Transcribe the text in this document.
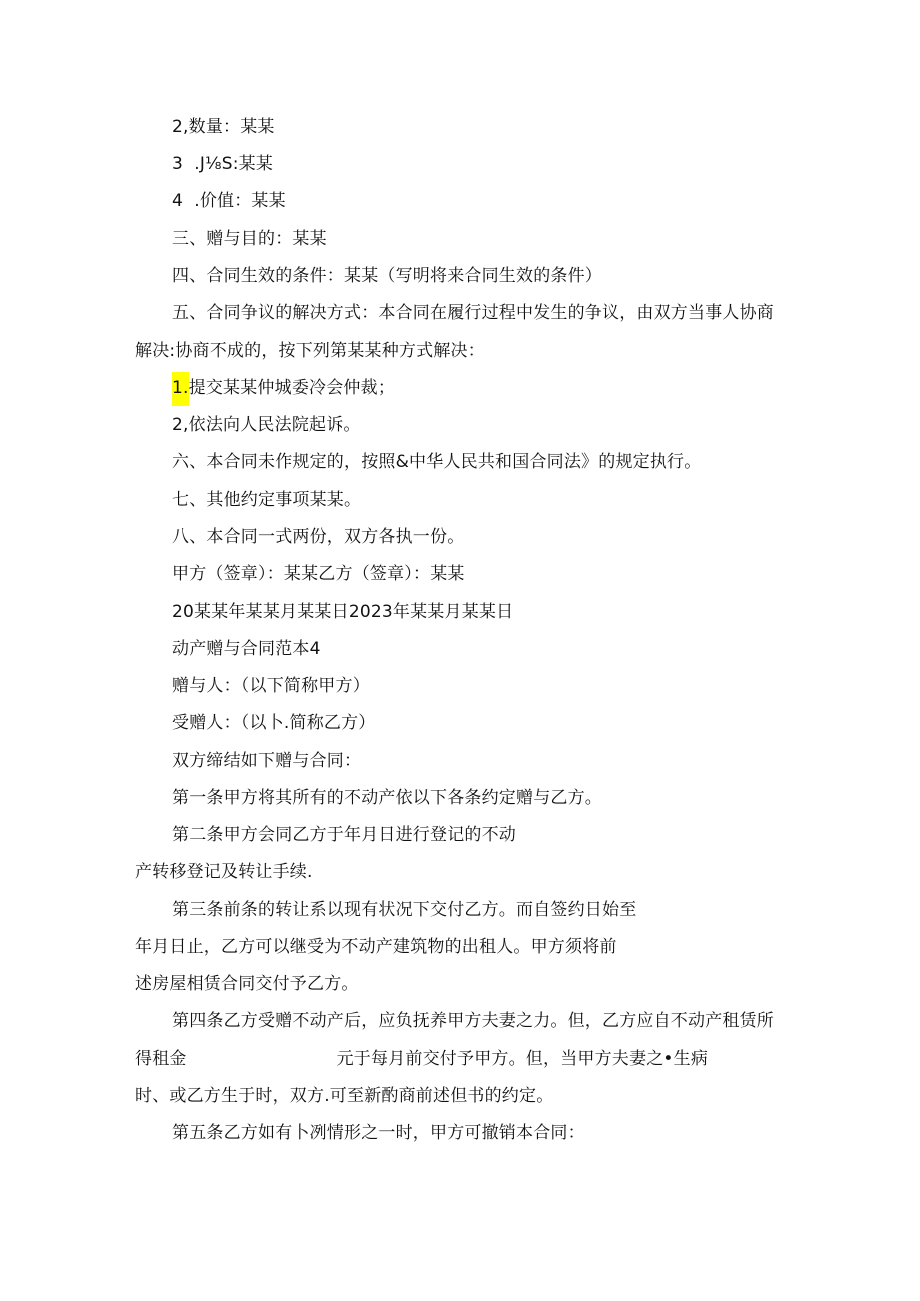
2,数量：某某
3  .J⅛S:某某
4  .价值：某某
三、赠与目的：某某
四、合同生效的条件：某某（写明将来合同生效的条件）
五、合同争议的解决方式：本合同在履行过程中发生的争议，由双方当事人协商
解决:协商不成的，按下列第某某种方式解决：
1.提交某某仲城委冷会仲裁；
2,依法向人民法院起诉。
六、本合同未作规定的，按照&中华人民共和国合同法》的规定执行。
七、其他约定事项某某。
八、本合同一式两份，双方各执一份。
甲方（签章）：某某乙方（签章）：某某
20某某年某某月某某日2023年某某月某某日
动产赠与合同范本4
赠与人：（以下简称甲方）
受赠人：（以卜.简称乙方）
双方缔结如下赠与合同：
第一条甲方将其所有的不动产依以下各条约定赠与乙方。
第二条甲方会同乙方于年月日进行登记的不动
产转移登记及转让手续.
第三条前条的转让系以现有状况下交付乙方。而自签约日始至
年月日止，乙方可以继受为不动产建筑物的出租人。甲方须将前
述房屋相赁合同交付予乙方。
第四条乙方受赠不动产后，应负抚养甲方夫妻之力。但，乙方应自不动产租赁所
得租金	元于每月前交付予甲方。但，当甲方夫妻之•生病
时、或乙方生于时，双方.可至新酌商前述但书的约定。
第五条乙方如有卜冽情形之一时，甲方可撤销本合同：
